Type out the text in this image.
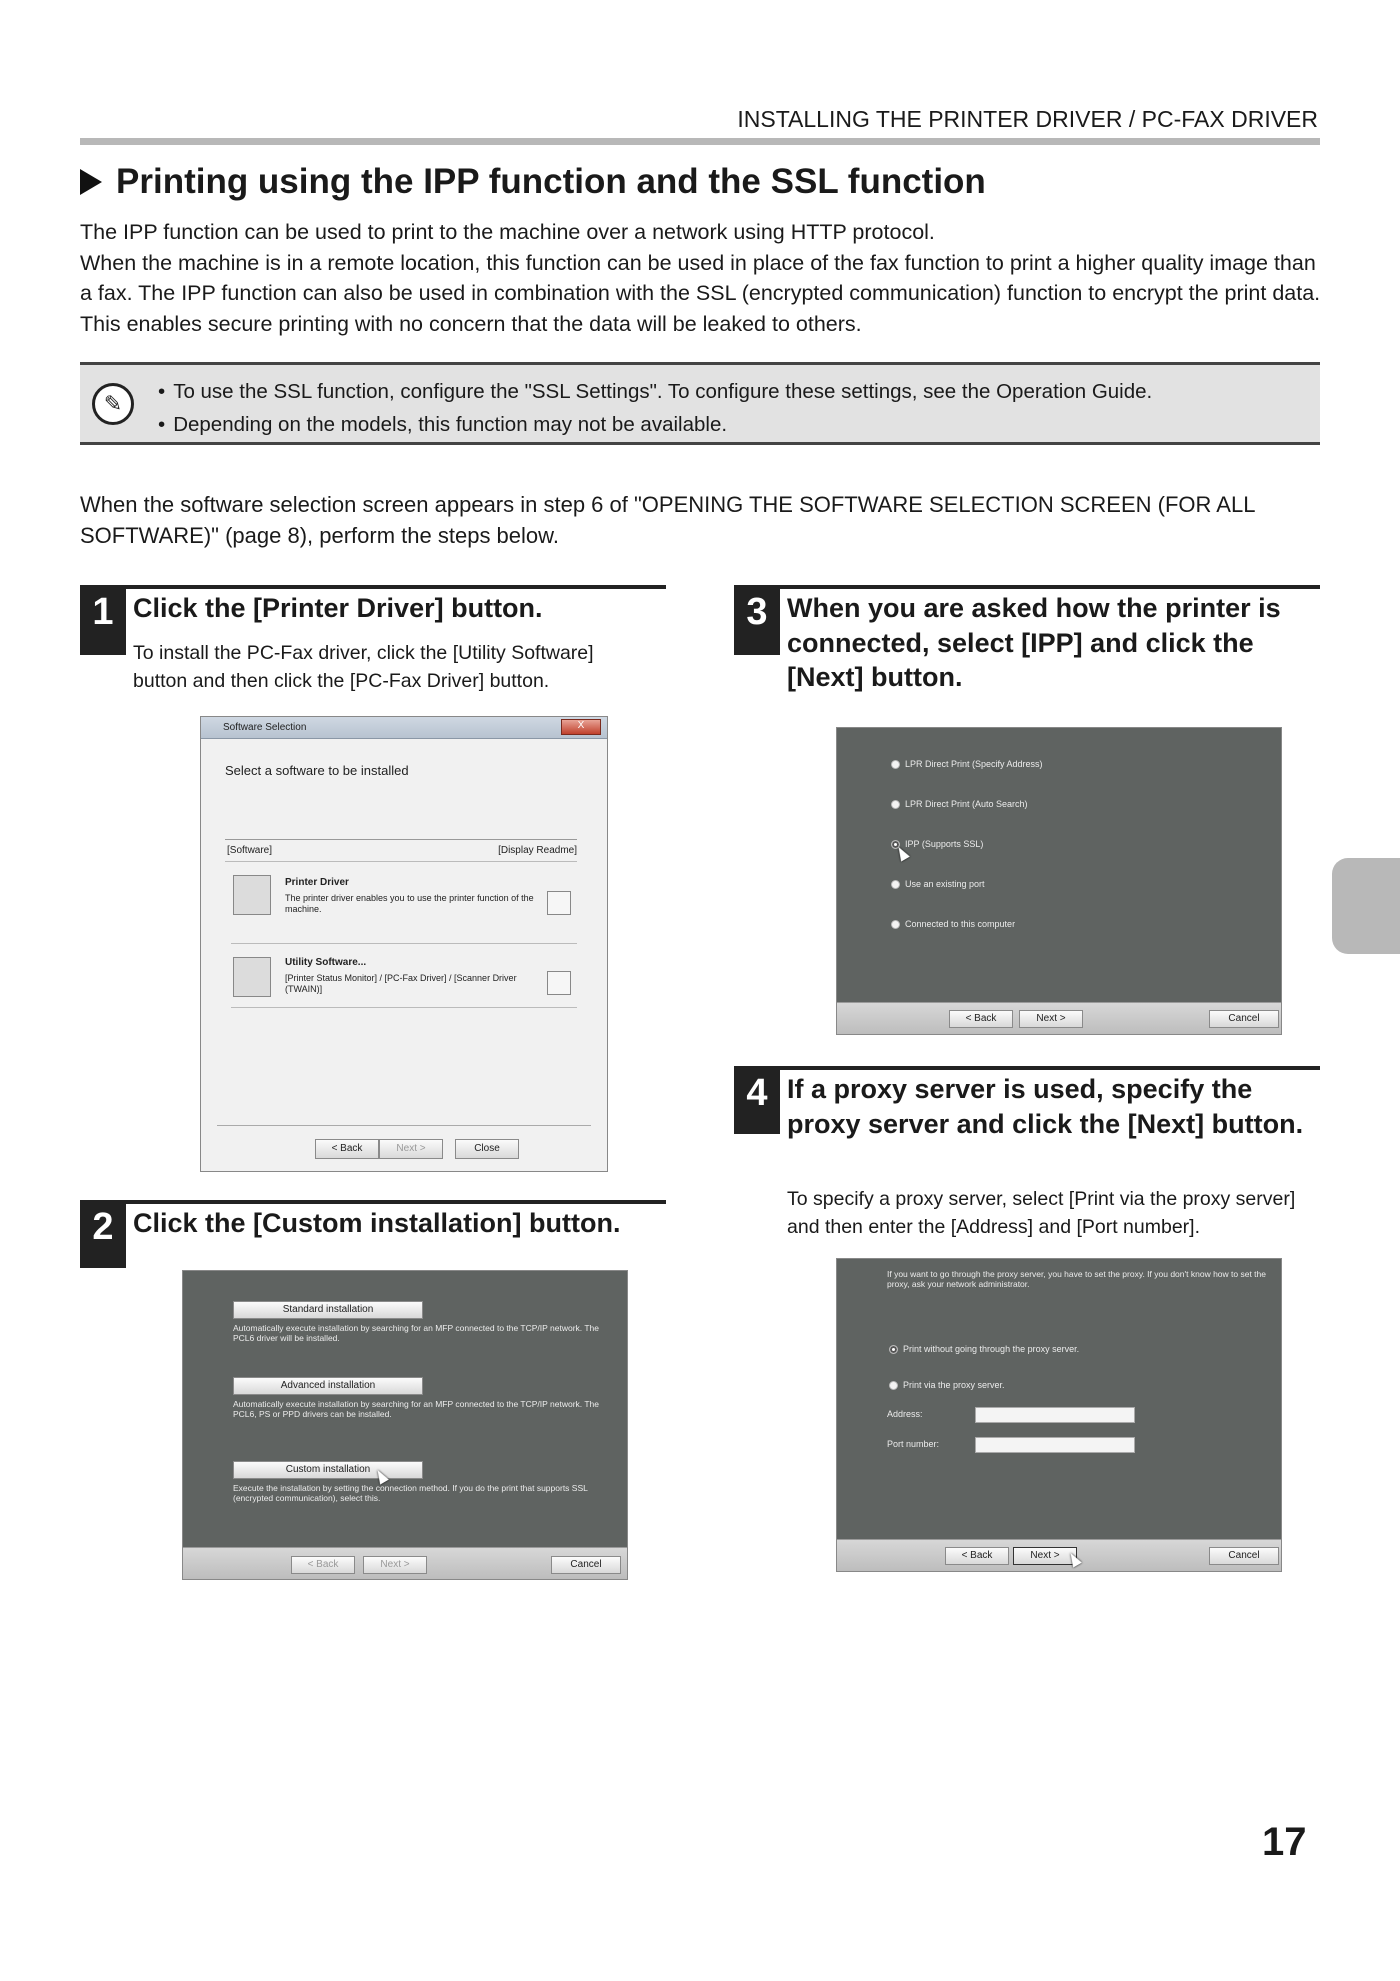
INSTALLING THE PRINTER DRIVER / PC-FAX DRIVER
Printing using the IPP function and the SSL function

The IPP function can be used to print to the machine over a network using HTTP protocol.

When the machine is in a remote location, this function can be used in place of the fax function to print a higher quality image than a fax. The IPP function can also be used in combination with the SSL (encrypted communication) function to encrypt the print data. This enables secure printing with no concern that the data will be leaked to others.

✎
•	To use the SSL function, configure the "SSL Settings". To configure these settings, see the Operation Guide.
• Depending on the models, this function may not be available.
When the software selection screen appears in step 6 of "OPENING THE SOFTWARE SELECTION SCREEN (FOR ALL SOFTWARE)" (page 8), perform the steps below.
1 Click the [Printer Driver] button.
To install the PC-Fax driver, click the [Utility Software] button and then click the [PC-Fax Driver] button.
Software Selection	X
Select a software to be installed
[Software]	[Display Readme]
Printer Driver
The printer driver enables you to use the printer function of the machine.
Utility Software...
[Printer Status Monitor] / [PC-Fax Driver] / [Scanner Driver (TWAIN)]
< Back	Next >	Close
2 Click the [Custom installation] button.
Standard installation
Automatically execute installation by searching for an MFP connected to the TCP/IP network. The PCL6 driver will be installed.
Advanced installation
Automatically execute installation by searching for an MFP connected to the TCP/IP network. The PCL6, PS or PPD drivers can be installed.
Custom installation
Execute the installation by setting the connection method. If you do the print that supports SSL (encrypted communication), select this.
< Back	Next >	Cancel
3 When you are asked how the printer is connected, select [IPP] and click the [Next] button.
LPR Direct Print (Specify Address)
LPR Direct Print (Auto Search)
IPP (Supports SSL)
Use an existing port
Connected to this computer
< Back	Next >	Cancel
4 If a proxy server is used, specify the proxy server and click the [Next] button.
To specify a proxy server, select [Print via the proxy server] and then enter the [Address] and [Port number].
If you want to go through the proxy server, you have to set the proxy. If you don't know how to set the proxy, ask your network administrator.
Print without going through the proxy server.
Print via the proxy server.
Address:
Port number:
< Back	Next >	Cancel
17
